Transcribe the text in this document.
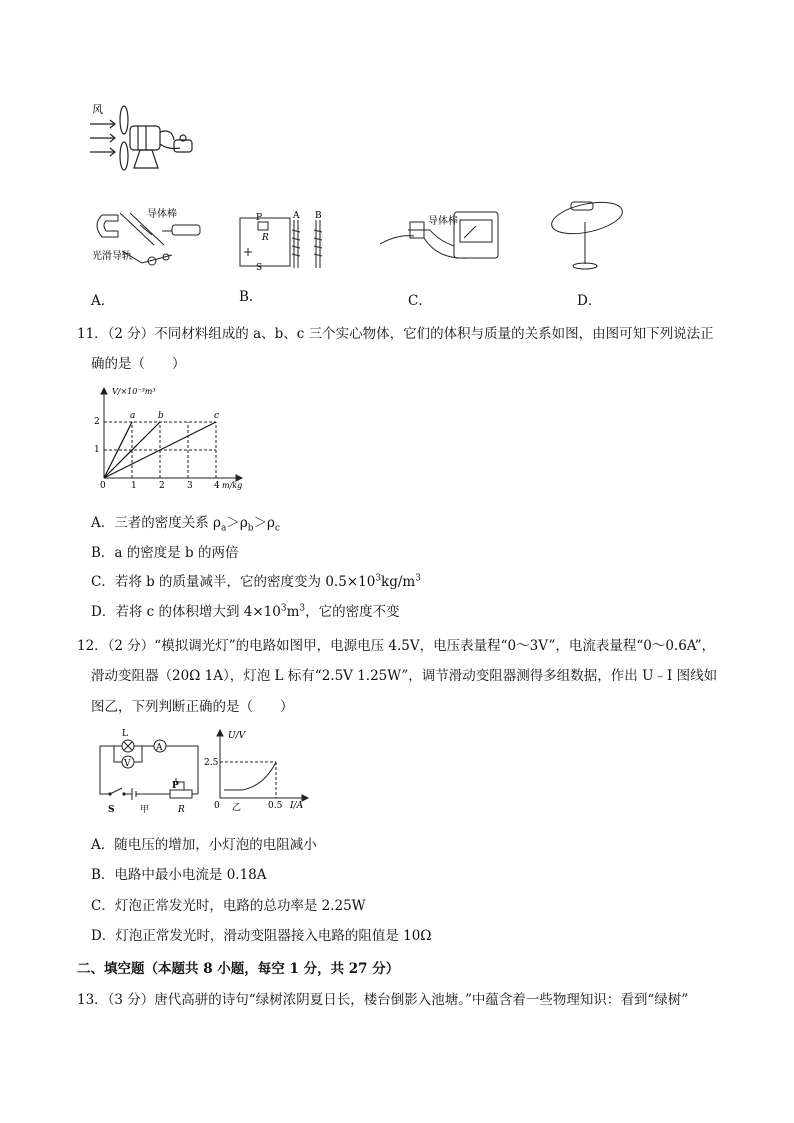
风
导体棒
光滑导轨
P
R
S
A B	导体棒
A．	B.	C．	D．
11．（2 分）不同材料组成的 a、b、c 三个实心物体，它们的体积与质量的关系如图，由图可知下列说法正
确的是（　　）
V/×10⁻³m³
m/kg
0	1 2 3 4
1
2
a	b	c
A．三者的密度关系 $\rho_a>\rho_b>\rho_c$
B．a 的密度是 b 的两倍
C．若将 b 的质量减半，它的密度变为 $0.5\times 10^3kg/m^3$
D．若将 c 的体积增大到 $4\times 10^3m^3$，它的密度不变
12．（2 分）“模拟调光灯”的电路如图甲，电源电压 4.5V，电压表量程“0～3V”，电流表量程“0～0.6A”，
滑动变阻器（20Ω 1A），灯泡 L 标有“2.5V 1.25W”，调节滑动变阻器测得多组数据，作出 U﹣I 图线如
图乙，下列判断正确的是（　　）
L
A
V
P
S	甲	R
U/V
2.5
0	0.5 I/A
乙
A．随电压的增加，小灯泡的电阻减小
B．电路中最小电流是 0.18A
C．灯泡正常发光时，电路的总功率是 2.25W
D．灯泡正常发光时，滑动变阻器接入电路的阻值是 10Ω
二、填空题（本题共 8 小题，每空 1 分，共 27 分）
13．（3 分）唐代高骈的诗句“绿树浓阴夏日长，楼台倒影入池塘。”中蕴含着一些物理知识：看到“绿树”
